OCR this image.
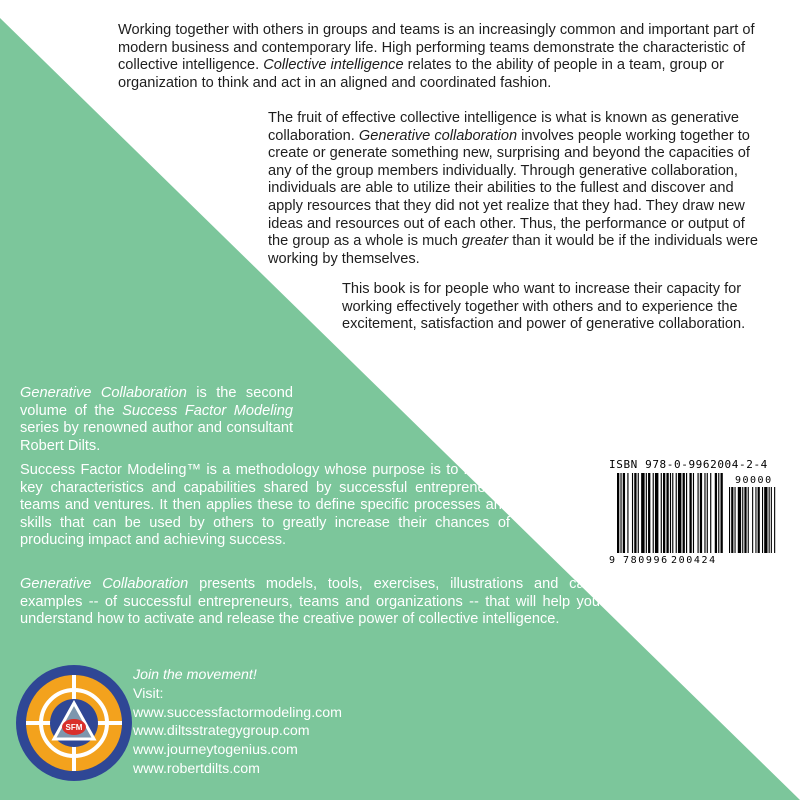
Working together with others in groups and teams is an increasingly common and important part of modern business and contemporary life. High performing teams demonstrate the characteristic of collective intelligence. Collective intelligence relates to the ability of people in a team, group or organization to think and act in an aligned and coordinated fashion.

The fruit of effective collective intelligence is what is known as generative collaboration. Generative collaboration involves people working together to create or generate something new, surprising and beyond the capacities of any of the group members individually. Through generative collaboration, individuals are able to utilize their abilities to the fullest and discover and apply resources that they did not yet realize that they had. They draw new ideas and resources out of each other. Thus, the performance or output of the group as a whole is much greater than it would be if the individuals were working by themselves.

This book is for people who want to increase their capacity for working effectively together with others and to experience the excitement, satisfaction and power of generative collaboration.

Generative Collaboration is the second volume of the Success Factor Modeling series by renowned author and consultant Robert Dilts.

Success Factor Modeling™ is a methodology whose purpose is to identify key characteristics and capabilities shared by successful entrepreneurs, teams and ventures. It then applies these to define specific processes and skills that can be used by others to greatly increase their chances of producing impact and achieving success.

Generative Collaboration presents models, tools, exercises, illustrations and case examples -- of successful entrepreneurs, teams and organizations -- that will help you understand how to activate and release the creative power of collective intelligence.

SFM
Join the movement!
Visit:
www.successfactormodeling.com
www.diltsstrategygroup.com
www.journeytogenius.com
www.robertdilts.com
ISBN 978-0-9962004-2-4
90000
9 780996 200424
